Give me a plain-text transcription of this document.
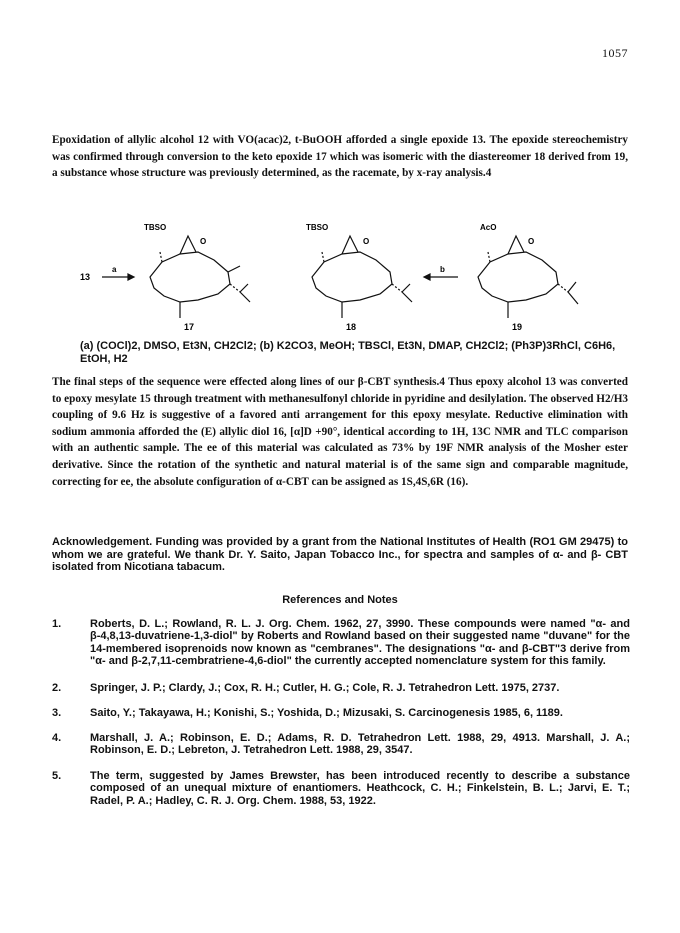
1057

Epoxidation of allylic alcohol 12 with VO(acac)2, t-BuOOH afforded a single epoxide 13. The epoxide stereochemistry was confirmed through conversion to the keto epoxide 17 which was isomeric with the diastereomer 18 derived from 19, a substance whose structure was previously determined, as the racemate, by x-ray analysis.4

13
a	b
TBSO	TBSO	AcO
O	O	O
17	18	19

(a) (COCl)2, DMSO, Et3N, CH2Cl2; (b) K2CO3, MeOH; TBSCl, Et3N, DMAP, CH2Cl2; (Ph3P)3RhCl, C6H6, EtOH, H2

The final steps of the sequence were effected along lines of our β-CBT synthesis.4 Thus epoxy alcohol 13 was converted to epoxy mesylate 15 through treatment with methanesulfonyl chloride in pyridine and desilylation. The observed H2/H3 coupling of 9.6 Hz is suggestive of a favored anti arrangement for this epoxy mesylate. Reductive elimination with sodium ammonia afforded the (E) allylic diol 16, [α]D +90°, identical according to 1H, 13C NMR and TLC comparison with an authentic sample. The ee of this material was calculated as 73% by 19F NMR analysis of the Mosher ester derivative. Since the rotation of the synthetic and natural material is of the same sign and comparable magnitude, correcting for ee, the absolute configuration of α-CBT can be assigned as 1S,4S,6R (16).

Acknowledgement. Funding was provided by a grant from the National Institutes of Health (RO1 GM 29475) to whom we are grateful. We thank Dr. Y. Saito, Japan Tobacco Inc., for spectra and samples of α- and β- CBT isolated from Nicotiana tabacum.

References and Notes
1.	Roberts, D. L.; Rowland, R. L. J. Org. Chem. 1962, 27, 3990. These compounds were named "α- and β-4,8,13-duvatriene-1,3-diol" by Roberts and Rowland based on their suggested name "duvane" for the 14-membered isoprenoids now known as "cembranes". The designations "α- and β-CBT"3 derive from "α- and β-2,7,11-cembratriene-4,6-diol" the currently accepted nomenclature system for this family.
2.	Springer, J. P.; Clardy, J.; Cox, R. H.; Cutler, H. G.; Cole, R. J. Tetrahedron Lett. 1975, 2737.
3.	Saito, Y.; Takayawa, H.; Konishi, S.; Yoshida, D.; Mizusaki, S. Carcinogenesis 1985, 6, 1189.
4.	Marshall, J. A.; Robinson, E. D.; Adams, R. D. Tetrahedron Lett. 1988, 29, 4913. Marshall, J. A.; Robinson, E. D.; Lebreton, J. Tetrahedron Lett. 1988, 29, 3547.
5.	The term, suggested by James Brewster, has been introduced recently to describe a substance composed of an unequal mixture of enantiomers. Heathcock, C. H.; Finkelstein, B. L.; Jarvi, E. T.; Radel, P. A.; Hadley, C. R. J. Org. Chem. 1988, 53, 1922.
